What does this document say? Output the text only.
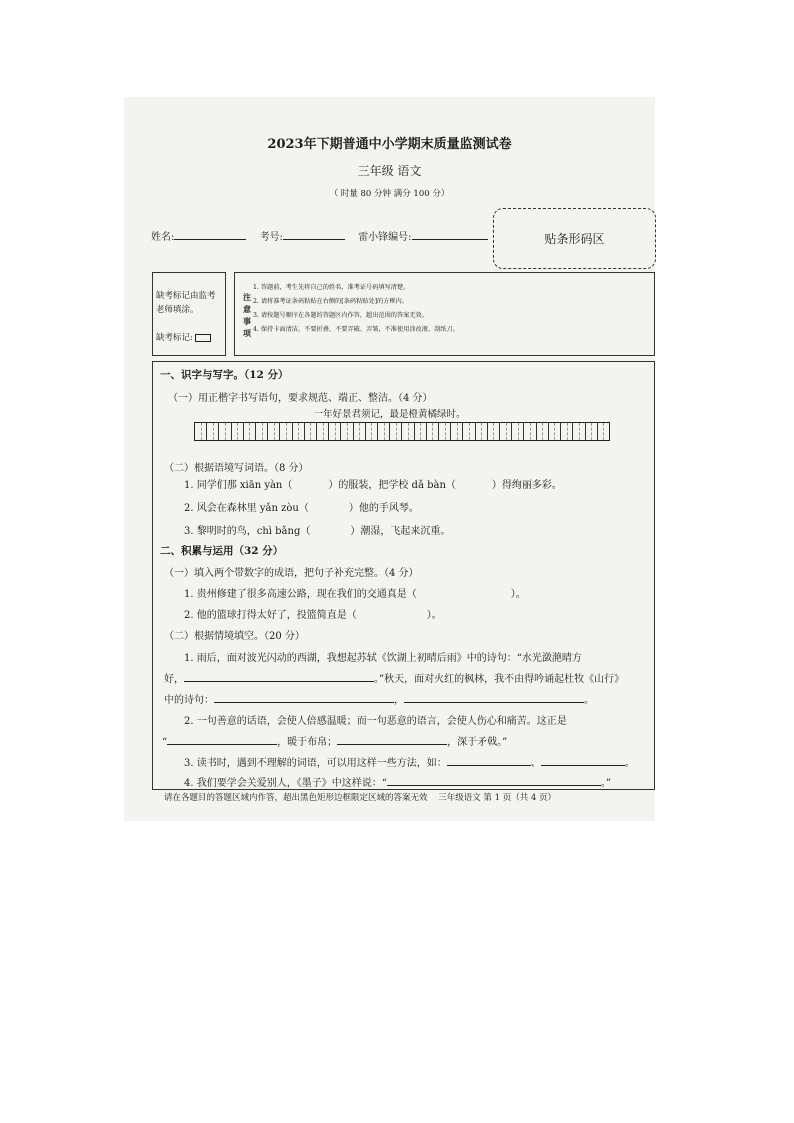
2023年下期普通中小学期末质量监测试卷
三年级 语文
（ 时量 80 分钟 满分 100 分）
姓名:	考号:	雷小锋编号:	贴条形码区
缺考标记由监考
老师填涂。
缺考标记:
注
意
事
项
1. 答题前，考生先将自己的姓名、准考证号码填写清楚。
2. 请将准考证条码粘贴在右侧的[条码粘贴处]的方框内。
3. 请按题号顺序在各题的答题区内作答，超出范围的答案无效。
4. 保持卡面清洁，不要折叠、不要弄破、弄皱，不准使用涂改液、刮纸刀。
一、识字与写字。（12 分）
（一）用正楷字书写语句，要求规范、端正、整洁。（4 分）
一年好景君须记，最是橙黄橘绿时。
（二）根据语境写词语。（8 分）
1. 同学们那 xiān yàn（	）的服装，把学校 dǎ bàn（	）得绚丽多彩。
2. 风会在森林里 yǎn zòu（	）他的手风琴。
3. 黎明时的鸟，chì bǎng（	）潮湿，飞起来沉重。
二、积累与运用（32 分）
（一）填入两个带数字的成语，把句子补充完整。（4 分）
1. 贵州修建了很多高速公路，现在我们的交通真是（	）。
2. 他的篮球打得太好了，投篮简直是（	）。
（二）根据情境填空。（20 分）
1. 雨后，面对波光闪动的西湖，我想起苏轼《饮湖上初晴后雨》中的诗句：“水光潋滟晴方
好，	。”秋天，面对火红的枫林，我不由得吟诵起杜牧《山行》
中的诗句：	，	。
2. 一句善意的话语，会使人倍感温暖；而一句恶意的语言，会使人伤心和痛苦。这正是
“	，暖于布帛；	，深于矛戟。”
3. 读书时，遇到不理解的词语，可以用这样一些方法，如：	、	。
4. 我们要学会关爱别人，《墨子》中这样说：“	。”
请在各题目的答题区域内作答，超出黑色矩形边框限定区域的答案无效 三年级语文 第 1 页（共 4 页）
